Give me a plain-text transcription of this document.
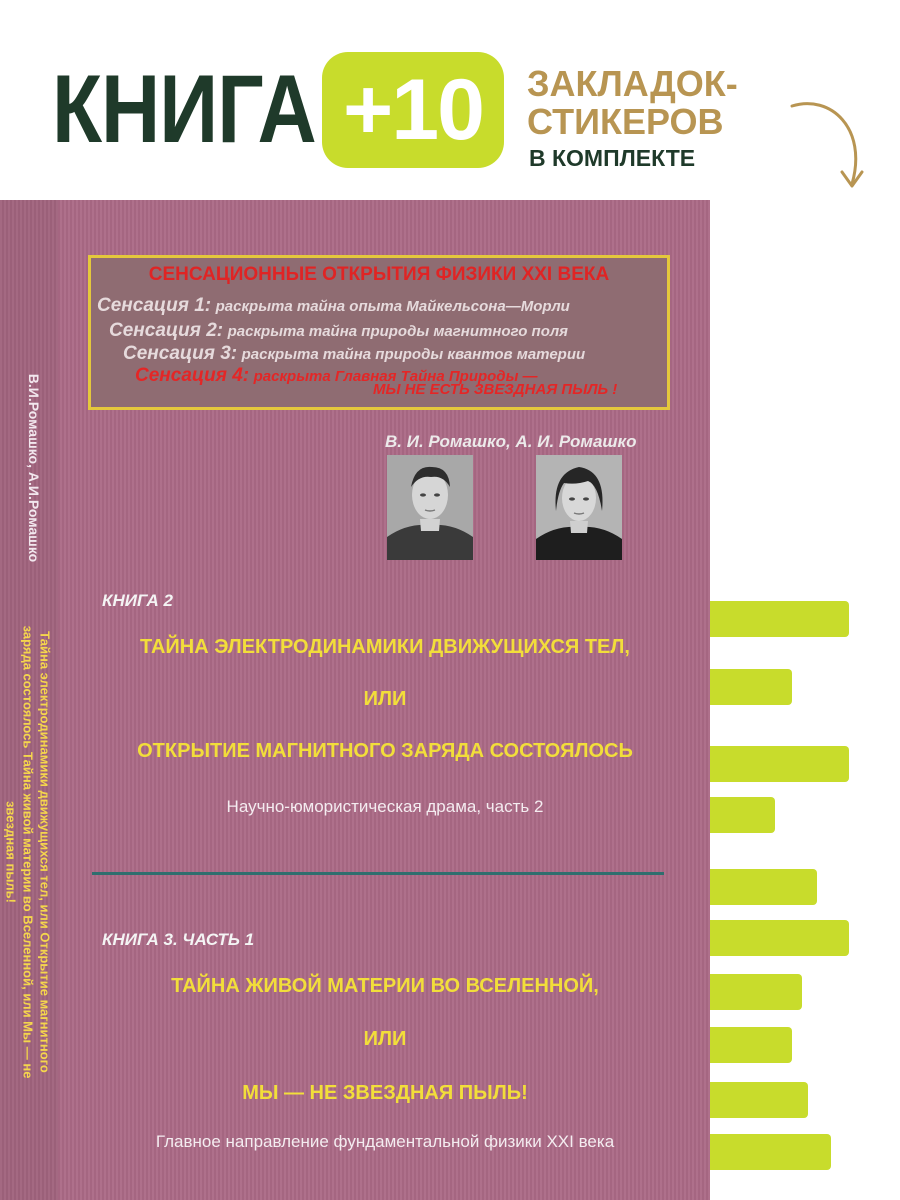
КНИГА +10 ЗАКЛАДОК-
СТИКЕРОВ
В КОМПЛЕКТЕ
В.И.Ромашко, А.И.Ромашко
Тайна электродинамики движущихся тел, или Открытие магнитного заряда состоялось Тайна живой материи во Вселенной, или Мы — не звездная пыль!
СЕНСАЦИОННЫЕ ОТКРЫТИЯ ФИЗИКИ XXI ВЕКА
Сенсация 1: раскрыта тайна опыта Майкельсона—Морли
Сенсация 2: раскрыта тайна природы магнитного поля
Сенсация 3: раскрыта тайна природы квантов материи
Сенсация 4: раскрыта Главная Тайна Природы —
МЫ НЕ ЕСТЬ ЗВЕЗДНАЯ ПЫЛЬ !
В. И. Ромашко, А. И. Ромашко
КНИГА 2
ТАЙНА ЭЛЕКТРОДИНАМИКИ ДВИЖУЩИХСЯ ТЕЛ,
ИЛИ
ОТКРЫТИЕ МАГНИТНОГО ЗАРЯДА СОСТОЯЛОСЬ
Научно-юмористическая драма, часть 2
КНИГА 3. ЧАСТЬ 1
ТАЙНА ЖИВОЙ МАТЕРИИ ВО ВСЕЛЕННОЙ,
ИЛИ
МЫ — НЕ ЗВЕЗДНАЯ ПЫЛЬ!
Главное направление фундаментальной физики XXI века
